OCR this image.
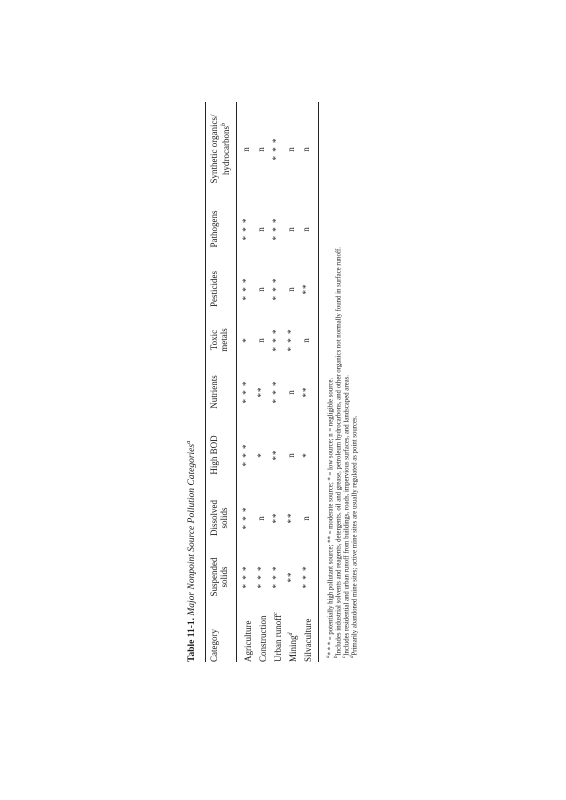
Table 11-1. Major Nonpoint Source Pollution Categories$^a$
Category
Suspended solids
Dissolved solids
High BOD
Nutrients
Toxic metals
Pesticides
Pathogens
Synthetic organics/ hydrocarbons$^b$
Agriculture
* * *
* * *
* * *
* * *
*
* * *
* * *
n
Construction
* * *
n
*
**
n
n
n
n
Urban runoff$^c$
* * *
**
**
* * *
* * *
* * *
* * *
* * *
Mining$^d$
**
**
n
n
* * *
n
n
n
Silvaculture
* * *
n
*
**
n
**
n
n
$^a$* * * = potentially high pollutant source; ** = moderate source; * = low source; n = negligible source.
$^b$Includes industrial solvents and reagents, detergents, oil and grease, petroleum hydrocarbons, and other organics not normally found in surface runoff.
$^c$Includes residential and urban runoff from buildings, roads, impervious surfaces, and landscaped areas.
$^d$Primarily abandoned mine sites; active mine sites are usually regulated as point sources.
